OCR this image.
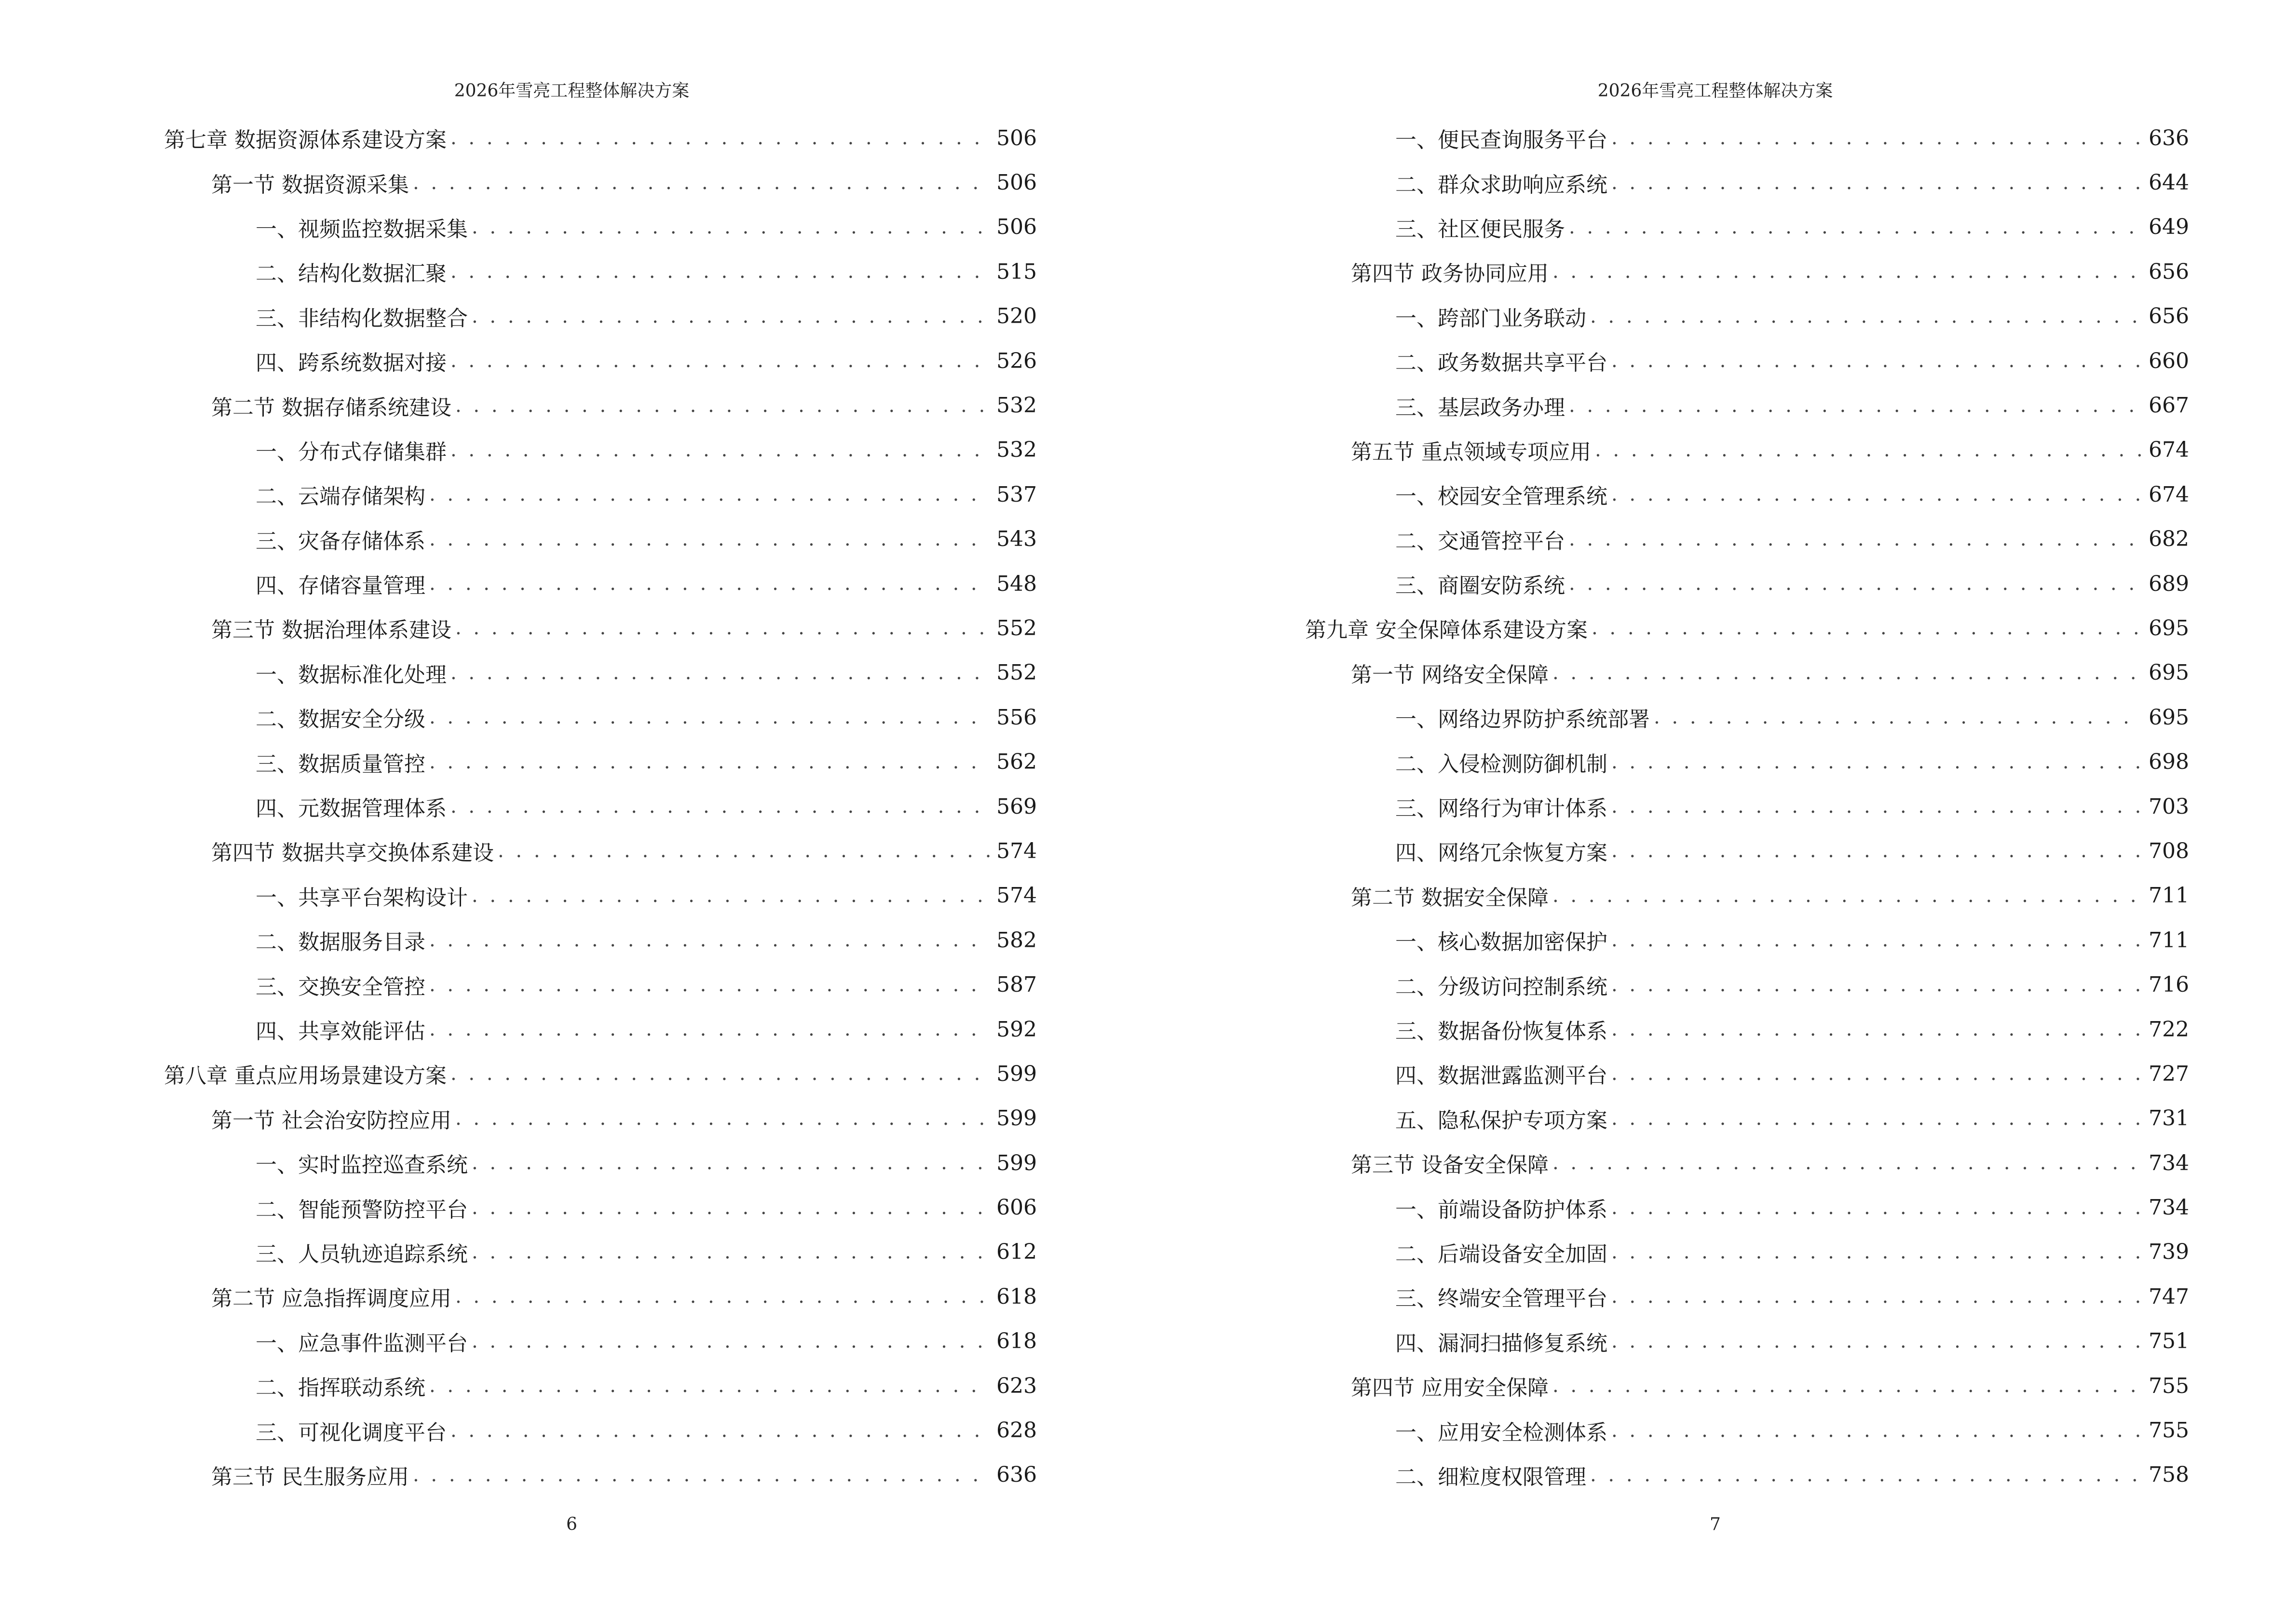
2026年雪亮工程整体解决方案
第七章 数据资源体系建设方案 . . .	506
第一节 数据资源采集 . . .	506
一、视频监控数据采集 . . .	506
二、结构化数据汇聚 . . .	515
三、非结构化数据整合 . . .	520
四、跨系统数据对接 . . .	526
第二节 数据存储系统建设 . . .	532
一、分布式存储集群 . . .	532
二、云端存储架构 . . .	537
三、灾备存储体系 . . .	543
四、存储容量管理 . . .	548
第三节 数据治理体系建设 . . .	552
一、数据标准化处理 . . .	552
二、数据安全分级 . . .	556
三、数据质量管控 . . .	562
四、元数据管理体系 . . .	569
第四节 数据共享交换体系建设 . . .	574
一、共享平台架构设计 . . .	574
二、数据服务目录 . . .	582
三、交换安全管控 . . .	587
四、共享效能评估 . . .	592
第八章 重点应用场景建设方案 . . .	599
第一节 社会治安防控应用 . . .	599
一、实时监控巡查系统 . . .	599
二、智能预警防控平台 . . .	606
三、人员轨迹追踪系统 . . .	612
第二节 应急指挥调度应用 . . .	618
一、应急事件监测平台 . . .	618
二、指挥联动系统 . . .	623
三、可视化调度平台 . . .	628
第三节 民生服务应用 . . .	636
6
2026年雪亮工程整体解决方案
一、便民查询服务平台 . . .	636
二、群众求助响应系统 . . .	644
三、社区便民服务 . . .	649
第四节 政务协同应用 . . .	656
一、跨部门业务联动 . . .	656
二、政务数据共享平台 . . .	660
三、基层政务办理 . . .	667
第五节 重点领域专项应用 . . .	674
一、校园安全管理系统 . . .	674
二、交通管控平台 . . .	682
三、商圈安防系统 . . .	689
第九章 安全保障体系建设方案 . . .	695
第一节 网络安全保障 . . .	695
一、网络边界防护系统部署 . . .	695
二、入侵检测防御机制 . . .	698
三、网络行为审计体系 . . .	703
四、网络冗余恢复方案 . . .	708
第二节 数据安全保障 . . .	711
一、核心数据加密保护 . . .	711
二、分级访问控制系统 . . .	716
三、数据备份恢复体系 . . .	722
四、数据泄露监测平台 . . .	727
五、隐私保护专项方案 . . .	731
第三节 设备安全保障 . . .	734
一、前端设备防护体系 . . .	734
二、后端设备安全加固 . . .	739
三、终端安全管理平台 . . .	747
四、漏洞扫描修复系统 . . .	751
第四节 应用安全保障 . . .	755
一、应用安全检测体系 . . .	755
二、细粒度权限管理 . . .	758
7
